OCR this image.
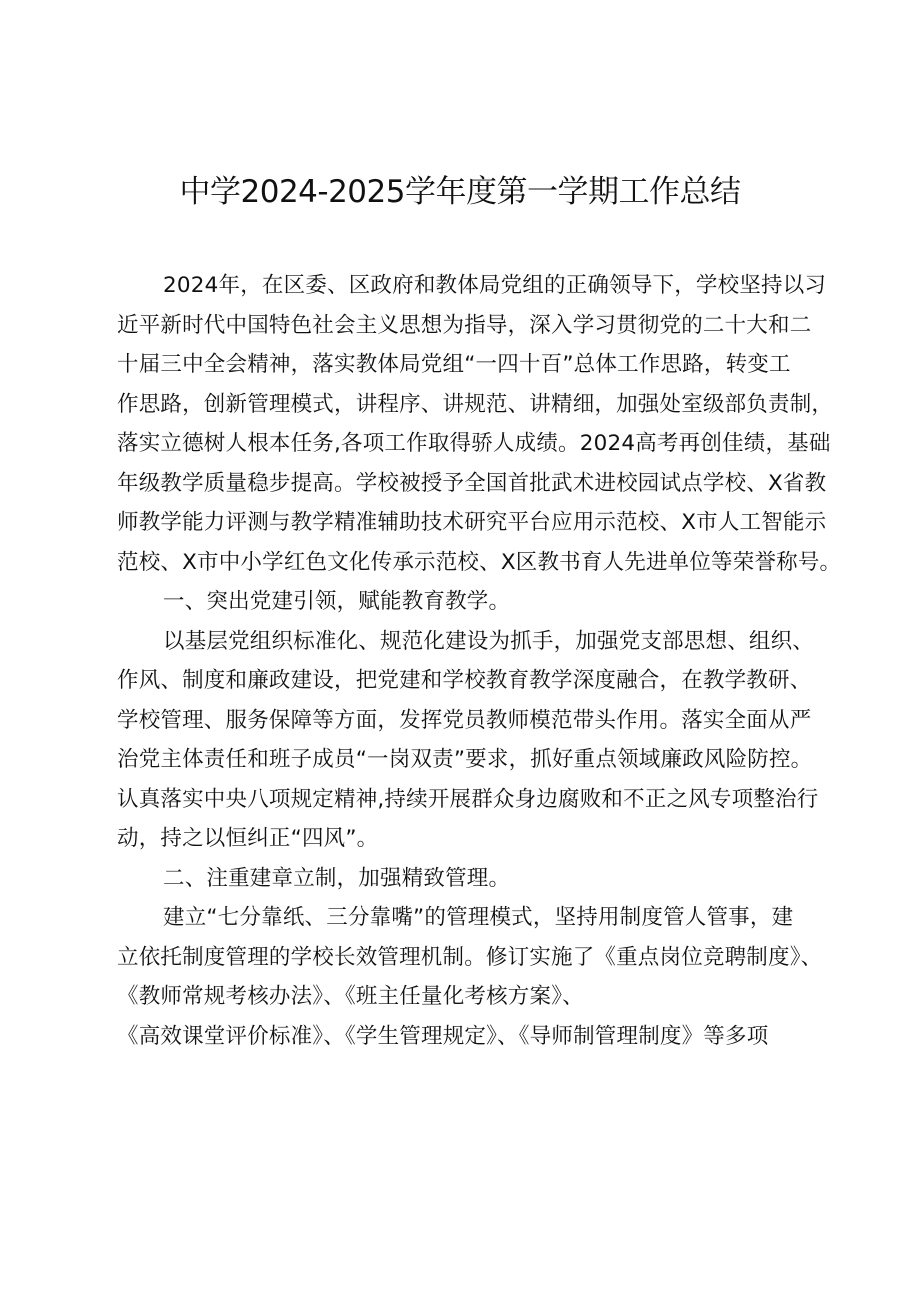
中学2024-2025学年度第一学期工作总结
2024年，在区委、区政府和教体局党组的正确领导下，学校坚持以习
近平新时代中国特色社会主义思想为指导，深入学习贯彻党的二十大和二
十届三中全会精神，落实教体局党组“一四十百”总体工作思路，转变工
作思路，创新管理模式，讲程序、讲规范、讲精细，加强处室级部负责制，
落实立德树人根本任务,各项工作取得骄人成绩。2024高考再创佳绩，基础
年级教学质量稳步提高。学校被授予全国首批武术进校园试点学校、X省教
师教学能力评测与教学精准辅助技术研究平台应用示范校、X市人工智能示
范校、X市中小学红色文化传承示范校、X区教书育人先进单位等荣誉称号。
一、突出党建引领，赋能教育教学。
以基层党组织标准化、规范化建设为抓手，加强党支部思想、组织、
作风、制度和廉政建设，把党建和学校教育教学深度融合，在教学教研、
学校管理、服务保障等方面，发挥党员教师模范带头作用。落实全面从严
治党主体责任和班子成员“一岗双责”要求，抓好重点领域廉政风险防控。
认真落实中央八项规定精神,持续开展群众身边腐败和不正之风专项整治行
动，持之以恒纠正“四风”。
二、注重建章立制，加强精致管理。
建立“七分靠纸、三分靠嘴”的管理模式，坚持用制度管人管事，建
立依托制度管理的学校长效管理机制。修订实施了《重点岗位竞聘制度》、
《教师常规考核办法》、《班主任量化考核方案》、
《高效课堂评价标准》、《学生管理规定》、《导师制管理制度》等多项
